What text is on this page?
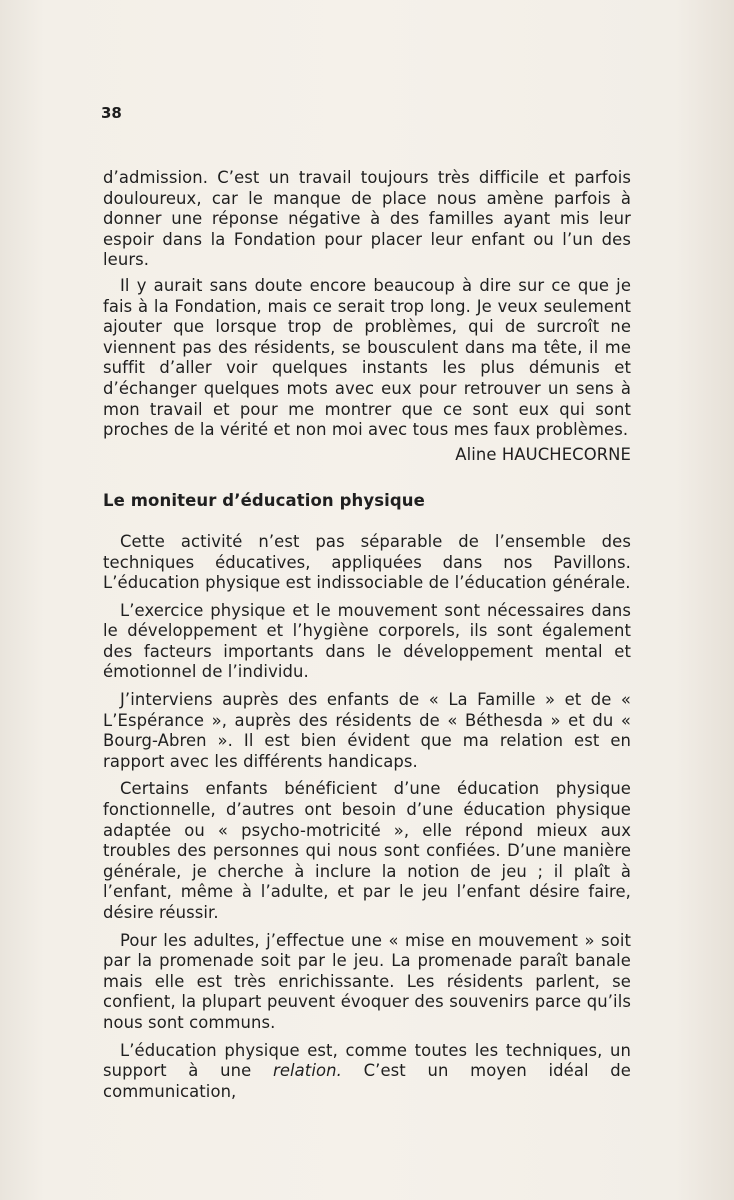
38

d’admission. C’est un travail toujours très difficile et parfois douloureux, car le manque de place nous amène parfois à donner une réponse négative à des familles ayant mis leur espoir dans la Fondation pour placer leur enfant ou l’un des leurs.

Il y aurait sans doute encore beaucoup à dire sur ce que je fais à la Fondation, mais ce serait trop long. Je veux seulement ajouter que lorsque trop de problèmes, qui de surcroît ne viennent pas des résidents, se bousculent dans ma tête, il me suffit d’aller voir quelques instants les plus démunis et d’échanger quelques mots avec eux pour retrouver un sens à mon travail et pour me montrer que ce sont eux qui sont proches de la vérité et non moi avec tous mes faux problèmes.

Aline HAUCHECORNE

Le moniteur d’éducation physique

Cette activité n’est pas séparable de l’ensemble des techniques éducatives, appliquées dans nos Pavillons. L’éducation physique est indissociable de l’éducation générale.

L’exercice physique et le mouvement sont nécessaires dans le développement et l’hygiène corporels, ils sont également des facteurs importants dans le développement mental et émotionnel de l’individu.

J’interviens auprès des enfants de « La Famille » et de « L’Espérance », auprès des résidents de « Béthesda » et du « Bourg-Abren ». Il est bien évident que ma relation est en rapport avec les différents handicaps.

Certains enfants bénéficient d’une éducation physique fonctionnelle, d’autres ont besoin d’une éducation physique adaptée ou « psycho-motricité », elle répond mieux aux troubles des personnes qui nous sont confiées. D’une manière générale, je cherche à inclure la notion de jeu ; il plaît à l’enfant, même à l’adulte, et par le jeu l’enfant désire faire, désire réussir.

Pour les adultes, j’effectue une « mise en mouvement » soit par la promenade soit par le jeu. La promenade paraît banale mais elle est très enrichissante. Les résidents parlent, se confient, la plupart peuvent évoquer des souvenirs parce qu’ils nous sont communs.

L’éducation physique est, comme toutes les techniques, un support à une relation. C’est un moyen idéal de communication,
